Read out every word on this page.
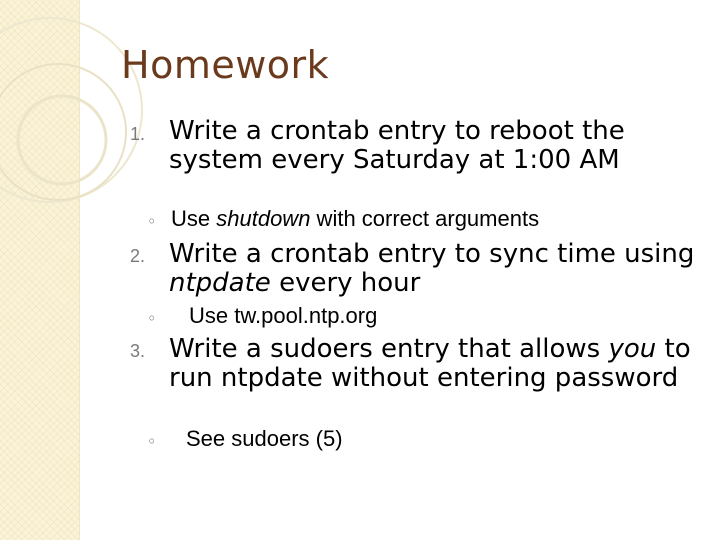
Homework
1. Write a crontab entry to reboot the system every Saturday at 1:00 AM
◦ Use shutdown with correct arguments
2. Write a crontab entry to sync time using ntpdate every hour
◦ Use tw.pool.ntp.org
3. Write a sudoers entry that allows you to run ntpdate without entering password
◦ See sudoers (5)
